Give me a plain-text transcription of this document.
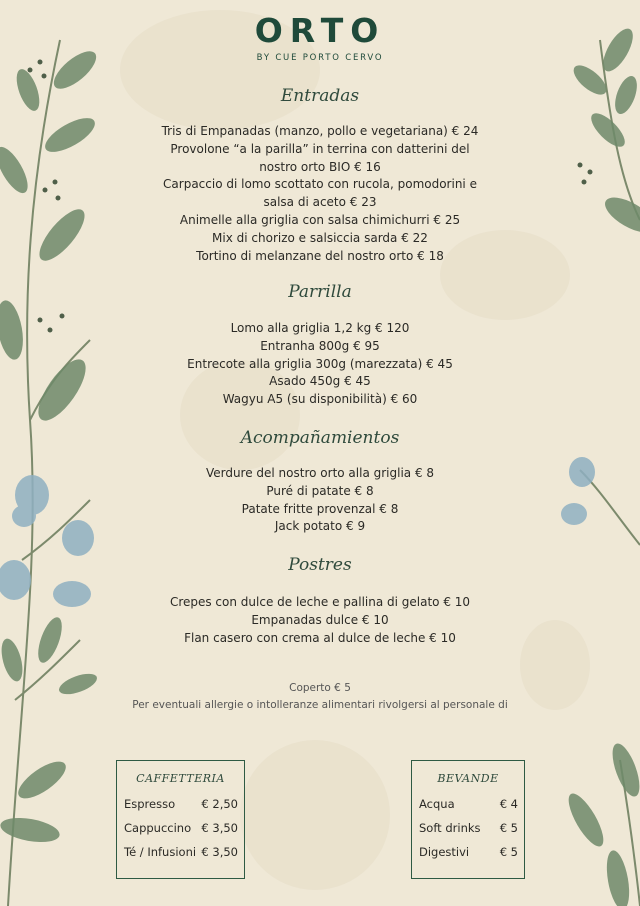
ORTO
BY CUE PORTO CERVO
Entradas
Tris di Empanadas (manzo, pollo e vegetariana) € 24
Provolone “a la parilla” in terrina con datterini del
nostro orto BIO € 16
Carpaccio di lomo scottato con rucola, pomodorini e
salsa di aceto € 23
Animelle alla griglia con salsa chimichurri € 25
Mix di chorizo e salsiccia sarda € 22
Tortino di melanzane del nostro orto € 18
Parrilla
Lomo alla griglia 1,2 kg € 120
Entranha 800g € 95
Entrecote alla griglia 300g (marezzata) € 45
Asado 450g € 45
Wagyu A5 (su disponibilità) € 60
Acompañamientos
Verdure del nostro orto alla griglia € 8
Puré di patate € 8
Patate fritte provenzal € 8
Jack potato € 9
Postres
Crepes con dulce de leche e pallina di gelato € 10
Empanadas dulce € 10
Flan casero con crema al dulce de leche € 10
Coperto € 5
Per eventuali allergie o intolleranze alimentari rivolgersi al personale di
CAFFETTERIA
Espresso € 2,50
Cappuccino € 3,50
Té / Infusioni € 3,50
BEVANDE
Acqua	€ 4
Soft drinks € 5
Digestivi	€ 5
